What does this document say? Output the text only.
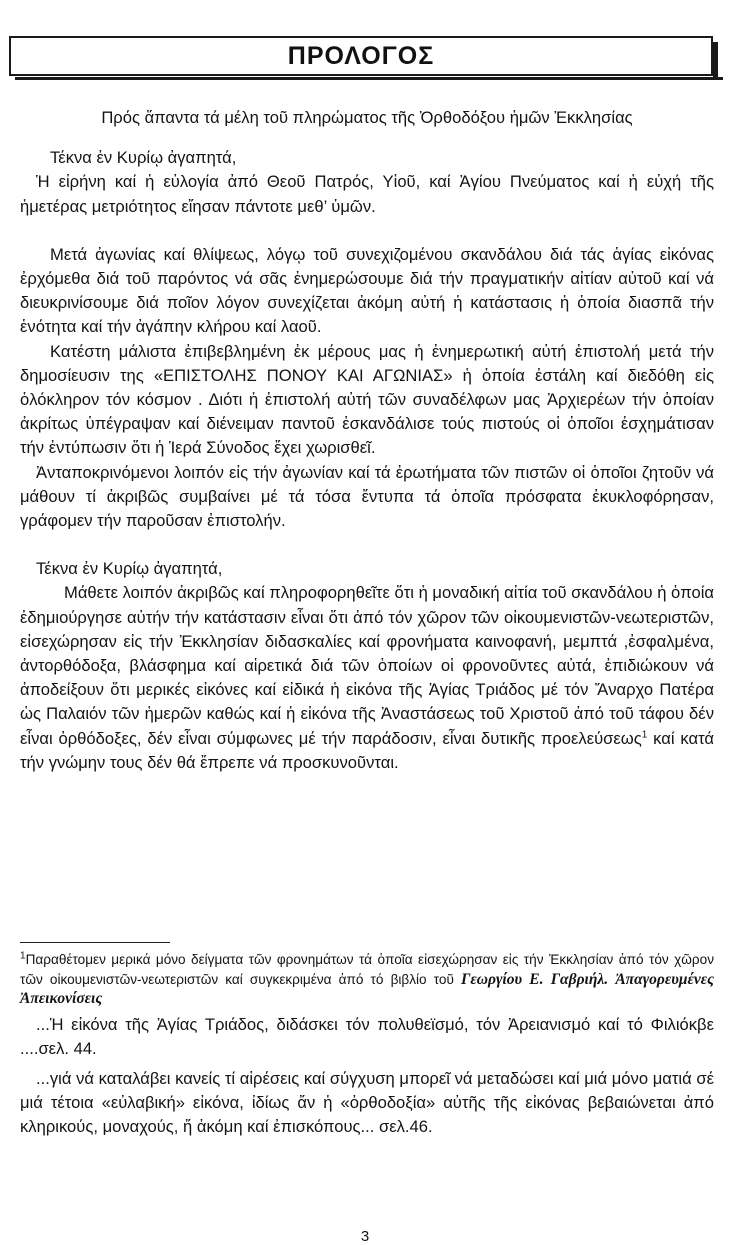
ΠΡΟΛΟΓΟΣ

Πρός ἅπαντα τά μέλη τοῦ πληρώματος τῆς Ὀρθοδόξου ἡμῶν Ἐκκλησίας

Τέκνα ἐν Κυρίῳ ἀγαπητά,

Ἡ εἰρήνη καί ἡ εὐλογία ἀπό Θεοῦ Πατρός, Υἱοῦ, καί Ἁγίου Πνεύματος καί ἡ εὐχή τῆς ἡμετέρας μετριότητος εἴησαν πάντοτε μεθ’ ὑμῶν.

Μετά ἀγωνίας καί θλίψεως, λόγῳ τοῦ συνεχιζομένου σκανδάλου διά τάς ἁγίας εἰκόνας ἐρχόμεθα διά τοῦ παρόντος νά σᾶς ἐνημερώσουμε διά τήν πραγματικήν αἰτίαν αὐτοῦ καί νά διευκρινίσουμε διά ποῖον λόγον συνεχίζεται ἀκόμη αὐτή ἡ κατάστασις ἡ ὁποία διασπᾶ τήν ἑνότητα καί τήν ἀγάπην κλήρου καί λαοῦ.

Κατέστη μάλιστα ἐπιβεβλημένη ἐκ μέρους μας ἡ ἐνημερωτική αὐτή ἐπιστολή μετά τήν δημοσίευσιν της «ΕΠΙΣΤΟΛΗΣ ΠΟΝΟΥ ΚΑΙ ΑΓΩΝΙΑΣ» ἡ ὁποία ἐστάλη καί διεδόθη εἰς ὁλόκληρον τόν κόσμον . Διότι ἡ ἐπιστολή αὐτή τῶν συναδέλφων μας Ἀρχιερέων τήν ὁποίαν ἀκρίτως ὑπέγραψαν καί διένειμαν παντοῦ ἐσκανδάλισε τούς πιστούς οἱ ὁποῖοι ἐσχημάτισαν τήν ἐντύπωσιν ὅτι ἡ Ἱερά Σύνοδος ἔχει χωρισθεῖ.

Ἀνταποκρινόμενοι λοιπόν εἰς τήν ἀγωνίαν καί τά ἐρωτήματα τῶν πιστῶν οἱ ὁποῖοι ζητοῦν νά μάθουν τί ἀκριβῶς συμβαίνει μέ τά τόσα ἔντυπα τά ὁποῖα πρόσφατα ἐκυκλοφόρησαν, γράφομεν τήν παροῦσαν ἐπιστολήν.

Τέκνα ἐν Κυρίῳ ἀγαπητά,

Μάθετε λοιπόν ἀκριβῶς καί πληροφορηθεῖτε ὅτι ἡ μοναδική αἰτία τοῦ σκανδάλου ἡ ὁποία ἐδημιούργησε αὐτήν τήν κατάστασιν εἶναι ὅτι ἀπό τόν χῶρον τῶν οἰκουμενιστῶν-νεωτεριστῶν, εἰσεχώρησαν εἰς τήν Ἐκκλησίαν διδασκαλίες καί φρονήματα καινοφανή, μεμπτά ,ἐσφαλμένα, ἀντορθόδοξα, βλάσφημα καί αἱρετικά διά τῶν ὁποίων οἱ φρονοῦντες αὐτά, ἐπιδιώκουν νά ἀποδείξουν ὅτι μερικές εἰκόνες καί εἰδικά ἡ εἰκόνα τῆς Ἁγίας Τριάδος μέ τόν Ἄναρχο Πατέρα ὡς Παλαιόν τῶν ἡμερῶν καθώς καί ἡ εἰκόνα τῆς Ἀναστάσεως τοῦ Χριστοῦ ἀπό τοῦ τάφου δέν εἶναι ὀρθόδοξες, δέν εἶναι σύμφωνες μέ τήν παράδοσιν, εἶναι δυτικῆς προελεύσεως$^1$ καί κατά τήν γνώμην τους δέν θά ἔπρεπε νά προσκυνοῦνται.

$^1$Παραθέτομεν μερικά μόνο δείγματα τῶν φρονημάτων τά ὁποῖα εἰσεχώρησαν εἰς τήν Ἐκκλησίαν ἀπό τόν χῶρον τῶν οἰκουμενιστῶν-νεωτεριστῶν καί συγκεκριμένα ἀπό τό βιβλίο τοῦ Γεωργίου Ε. Γαβριήλ. Ἀπαγορευμένες Ἀπεικονίσεις

...Ἡ εἰκόνα τῆς Ἁγίας Τριάδος, διδάσκει τόν πολυθεϊσμό, τόν Ἀρειανισμό καί τό Φιλιόκβε ....σελ. 44.

...γιά νά καταλάβει κανείς τί αἱρέσεις καί σύγχυση μπορεῖ νά μεταδώσει καί μιά μόνο ματιά σέ μιά τέτοια «εὐλαβική» εἰκόνα, ἰδίως ἄν ἡ «ὀρθοδοξία» αὐτῆς τῆς εἰκόνας βεβαιώνεται ἀπό κληρικούς, μοναχούς, ἤ ἀκόμη καί ἐπισκόπους... σελ.46.

3
